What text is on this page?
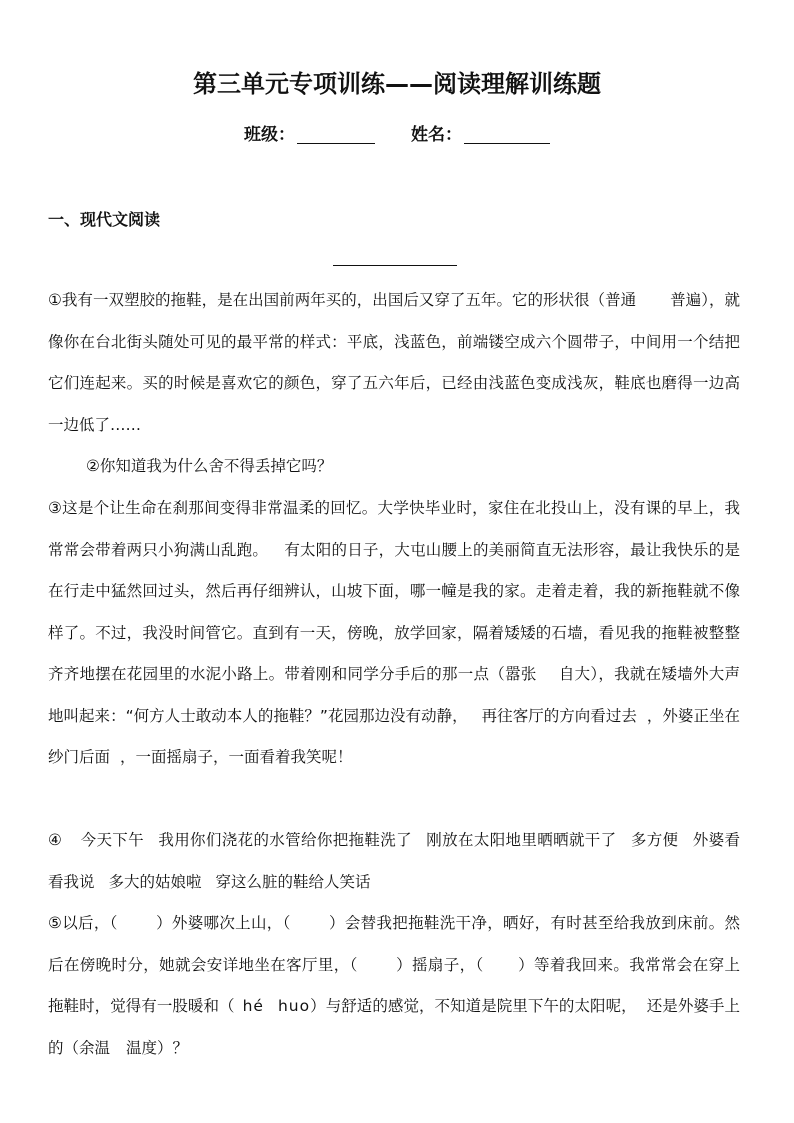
第三单元专项训练——阅读理解训练题
班级：	姓名：
一、现代文阅读
①我有一双塑胶的拖鞋，是在出国前两年买的，出国后又穿了五年。它的形状很（普通 普遍），就像你在台北街头随处可见的最平常的样式：平底，浅蓝色，前端镂空成六个圆带子，中间用一个结把它们连起来。买的时候是喜欢它的颜色，穿了五六年后，已经由浅蓝色变成浅灰，鞋底也磨得一边高一边低了……
②你知道我为什么舍不得丢掉它吗？
③这是个让生命在刹那间变得非常温柔的回忆。大学快毕业时，家住在北投山上，没有课的早上，我常常会带着两只小狗满山乱跑。 有太阳的日子，大屯山腰上的美丽简直无法形容，最让我快乐的是在行走中猛然回过头，然后再仔细辨认，山坡下面，哪一幢是我的家。走着走着，我的新拖鞋就不像样了。不过，我没时间管它。直到有一天，傍晚，放学回家，隔着矮矮的石墙，看见我的拖鞋被整整齐齐地摆在花园里的水泥小路上。带着刚和同学分手后的那一点（嚣张 自大），我就在矮墙外大声地叫起来：“何方人士敢动本人的拖鞋？”花园那边没有动静， 再往客厅的方向看过去 ，外婆正坐在纱门后面 ，一面摇扇子，一面看着我笑呢！
④ 今天下午 我用你们浇花的水管给你把拖鞋洗了 刚放在太阳地里晒晒就干了 多方便 外婆看看我说 多大的姑娘啦 穿这么脏的鞋给人笑话
⑤以后，（ ）外婆哪次上山，（ ）会替我把拖鞋洗干净，晒好，有时甚至给我放到床前。然后在傍晚时分，她就会安详地坐在客厅里，（ ）摇扇子，（ ）等着我回来。我常常会在穿上拖鞋时，觉得有一股暖和（ hé huo）与舒适的感觉，不知道是院里下午的太阳呢， 还是外婆手上的（余温 温度）？
